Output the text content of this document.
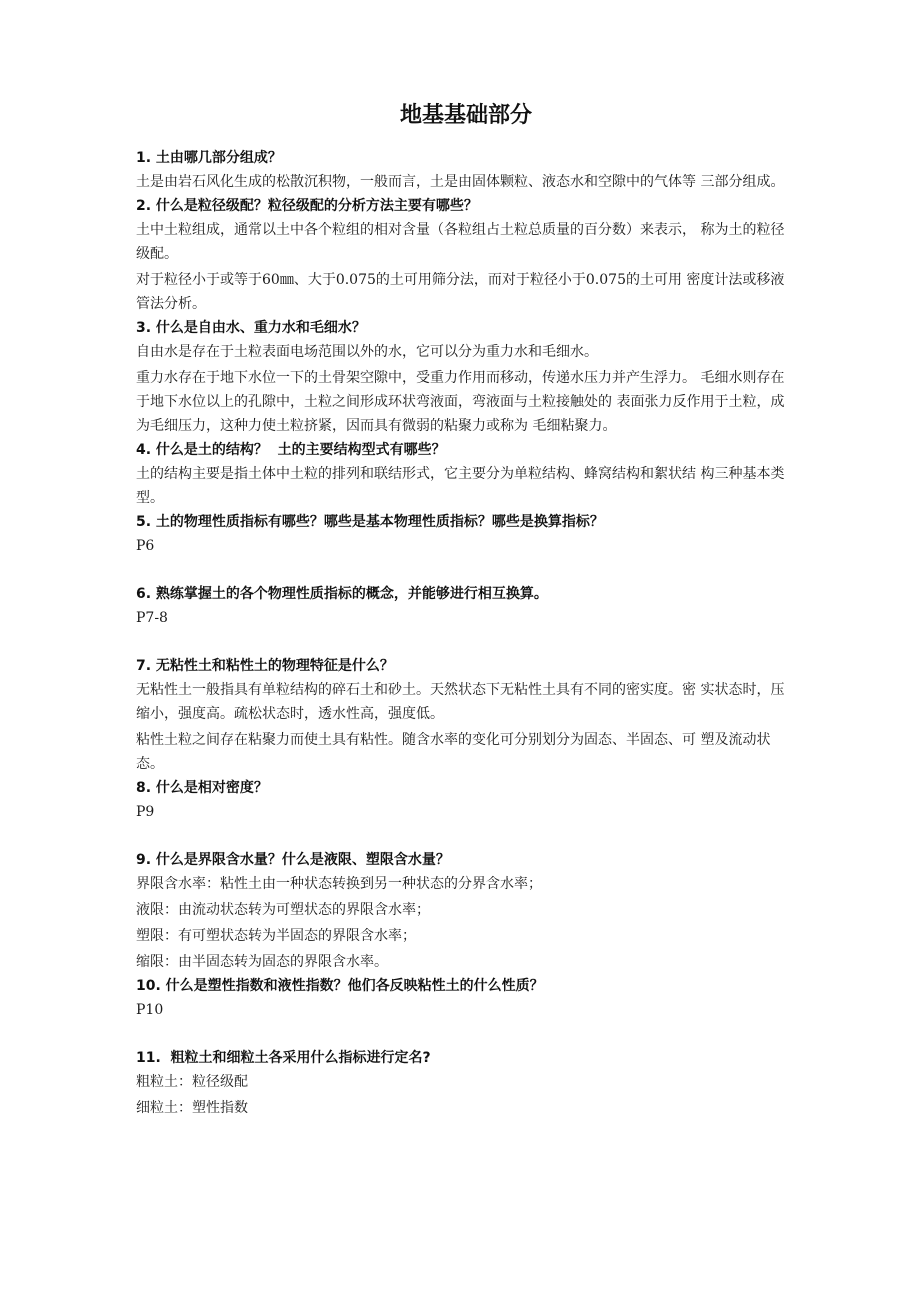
地基基础部分

1. 土由哪几部分组成？

土是由岩石风化生成的松散沉积物，一般而言，土是由固体颗粒、液态水和空隙中的气体等 三部分组成。

2. 什么是粒径级配？粒径级配的分析方法主要有哪些？

土中土粒组成，通常以土中各个粒组的相对含量（各粒组占土粒总质量的百分数）来表示， 称为土的粒径级配。

对于粒径小于或等于60㎜、大于0.075的土可用筛分法，而对于粒径小于0.075的土可用 密度计法或移液管法分析。

3. 什么是自由水、重力水和毛细水？

自由水是存在于土粒表面电场范围以外的水，它可以分为重力水和毛细水。

重力水存在于地下水位一下的土骨架空隙中，受重力作用而移动，传递水压力并产生浮力。 毛细水则存在于地下水位以上的孔隙中，土粒之间形成环状弯液面，弯液面与土粒接触处的 表面张力反作用于土粒，成为毛细压力，这种力使土粒挤紧，因而具有微弱的粘聚力或称为 毛细粘聚力。

4. 什么是土的结构？  土的主要结构型式有哪些？

土的结构主要是指土体中土粒的排列和联结形式，它主要分为单粒结构、蜂窝结构和絮状结 构三种基本类型。

5. 土的物理性质指标有哪些？哪些是基本物理性质指标？哪些是换算指标？

P6

6. 熟练掌握土的各个物理性质指标的概念，并能够进行相互换算。

P7-8

7. 无粘性土和粘性土的物理特征是什么？

无粘性土一般指具有单粒结构的碎石土和砂土。天然状态下无粘性土具有不同的密实度。密 实状态时，压缩小，强度高。疏松状态时，透水性高，强度低。

粘性土粒之间存在粘聚力而使土具有粘性。随含水率的变化可分别划分为固态、半固态、可 塑及流动状态。

8. 什么是相对密度？

P9

9. 什么是界限含水量？什么是液限、塑限含水量？

界限含水率：粘性土由一种状态转换到另一种状态的分界含水率；

液限：由流动状态转为可塑状态的界限含水率；

塑限：有可塑状态转为半固态的界限含水率；

缩限：由半固态转为固态的界限含水率。

10. 什么是塑性指数和液性指数？他们各反映粘性土的什么性质？

P10

11.  粗粒土和细粒土各采用什么指标进行定名?

粗粒土：粒径级配

细粒土：塑性指数
